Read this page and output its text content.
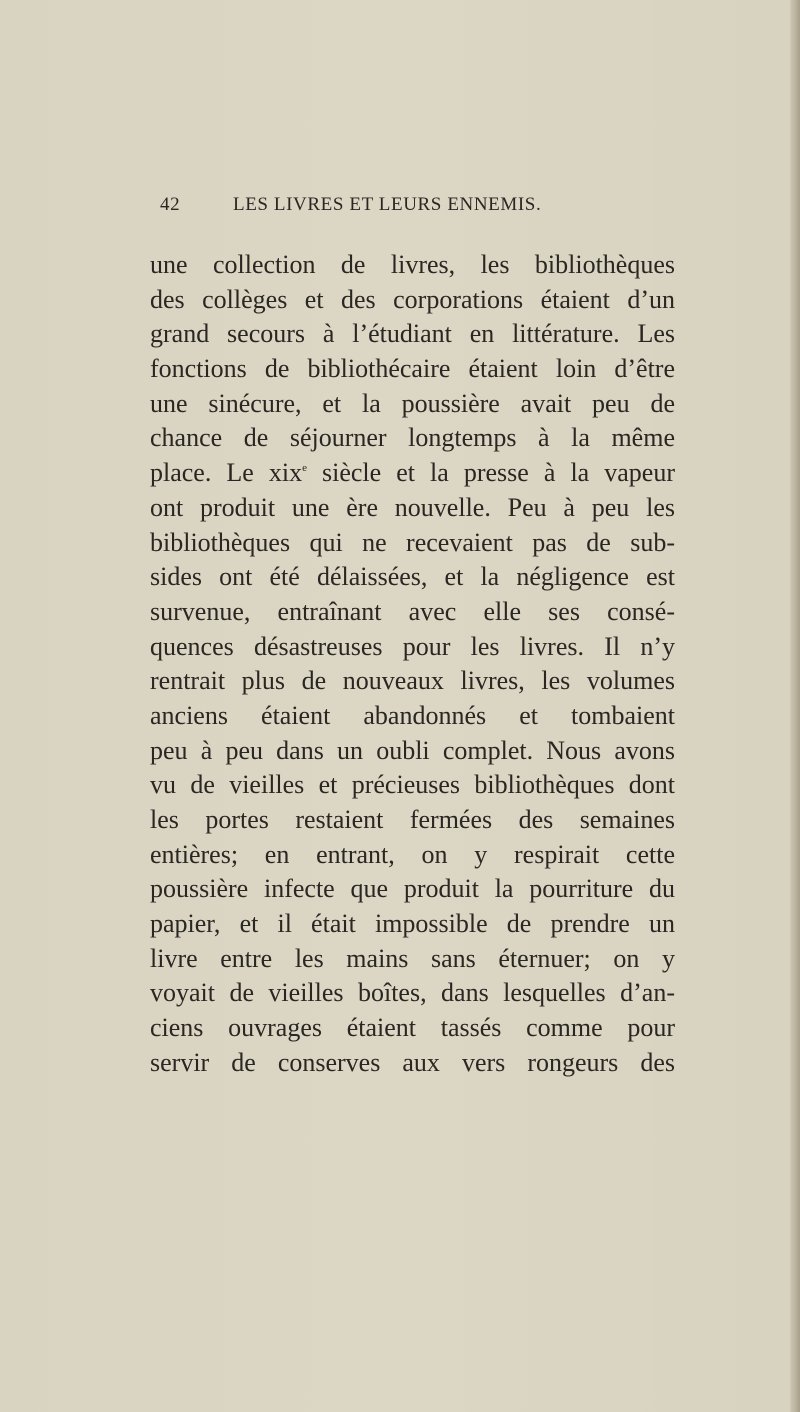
42	LES LIVRES ET LEURS ENNEMIS.
une collection de livres, les bibliothèques
des collèges et des corporations étaient d’un
grand secours à l’étudiant en littérature. Les
fonctions de bibliothécaire étaient loin d’être
une sinécure, et la poussière avait peu de
chance de séjourner longtemps à la même
place. Le xix$^e$ siècle et la presse à la vapeur
ont produit une ère nouvelle. Peu à peu les
bibliothèques qui ne recevaient pas de sub-
sides ont été délaissées, et la négligence est
survenue, entraînant avec elle ses consé-
quences désastreuses pour les livres. Il n’y
rentrait plus de nouveaux livres, les volumes
anciens étaient abandonnés et tombaient
peu à peu dans un oubli complet. Nous avons
vu de vieilles et précieuses bibliothèques dont
les portes restaient fermées des semaines
entières; en entrant, on y respirait cette
poussière infecte que produit la pourriture du
papier, et il était impossible de prendre un
livre entre les mains sans éternuer; on y
voyait de vieilles boîtes, dans lesquelles d’an-
ciens ouvrages étaient tassés comme pour
servir de conserves aux vers rongeurs des
